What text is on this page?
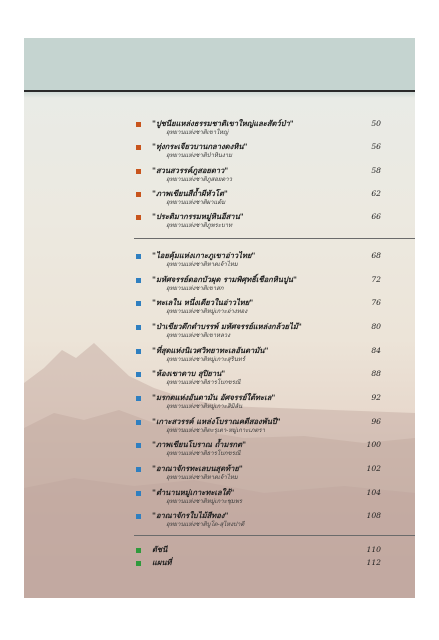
"ปูชนียแหล่งธรรมชาติเขาใหญ่และสัตว์ป่า"
อุทยานแห่งชาติเขาใหญ่
50
"ทุ่งกระเจียวบานกลางดงหิน"
อุทยานแห่งชาติป่าหินงาม
56
"สวนสวรรค์ภูสอยดาว"
อุทยานแห่งชาติภูสอยดาว
58
"ภาพเขียนสีถ้ำผีหัวโต"
อุทยานแห่งชาติผาแต้ม
62
"ประติมากรรมหมู่หินอีสาน"
อุทยานแห่งชาติภูพระบาท
66
"ไอยคุ้มแห่งเกาะภูเขาอ่าวไทย"
อุทยานแห่งชาติหาดเจ้าไหม
68
"มหัศจรรย์ดอกบัวผุด รามพิศุทธิ์เชือกหินปูน"
อุทยานแห่งชาติเขาสก
72
"ทะเลใน หนึ่งเดียวในอ่าวไทย"
อุทยานแห่งชาติหมู่เกาะอ่างทอง
76
"ป่าเขียวดึกดำบรรพ์ มหัศจรรย์แหล่งกล้วยไม้"
อุทยานแห่งชาติเขาหลวง
80
"ที่สุดแห่งนิเวศวิทยาทะเลอันดามัน"
อุทยานแห่งชาติหมู่เกาะสุรินทร์
84
"ห้องเขาดาบ สุปิยาน"
อุทยานแห่งชาติธารโบกขรณี
88
"มรกตแห่งอันดามัน อัศจรรย์ใต้ทะเล"
อุทยานแห่งชาติหมู่เกาะสิมิลัน
92
"เกาะสวรรค์ แหล่งโบราณคดีสองพันปี"
อุทยานแห่งชาติตะรุเตา-หมู่เกาะเภตรา
96
"ภาพเขียนโบราณ ถ้ำมรกต"
อุทยานแห่งชาติธารโบกขรณี
100
"อาณาจักรทะเลบนสุดท้าย"
อุทยานแห่งชาติหาดเจ้าไหม
102
"ตำนานหมู่เกาะทะเลใต้"
อุทยานแห่งชาติหมู่เกาะชุมพร
104
"อาณาจักรใบไม้สีทอง"
อุทยานแห่งชาติบูโด-สุไหงปาดี
108
ดัชนี	110
แผนที่	112
